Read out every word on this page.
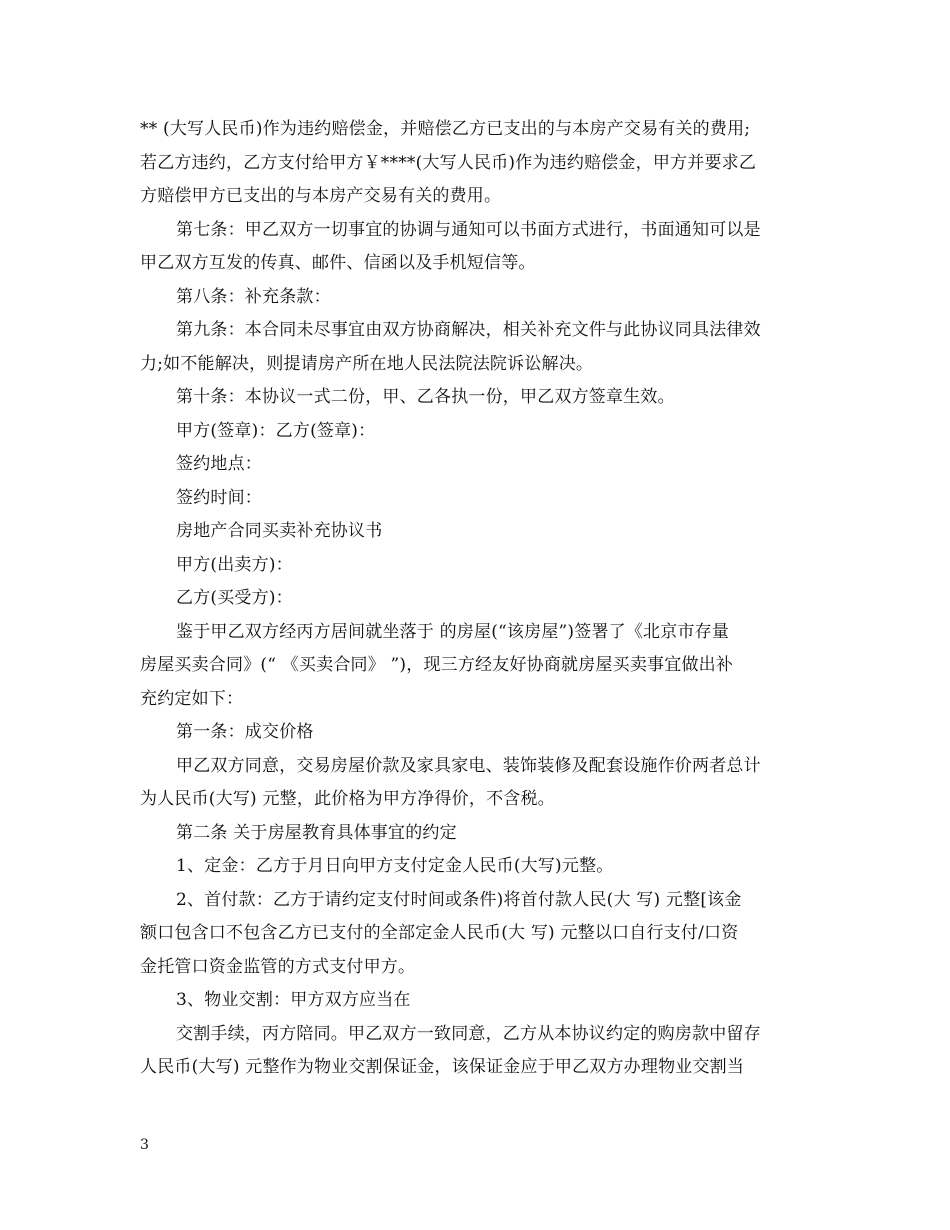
** (大写人民币)作为违约赔偿金，并赔偿乙方已支出的与本房产交易有关的费用;
若乙方违约，乙方支付给甲方￥****(大写人民币)作为违约赔偿金，甲方并要求乙
方赔偿甲方已支出的与本房产交易有关的费用。
第七条：甲乙双方一切事宜的协调与通知可以书面方式进行，书面通知可以是
甲乙双方互发的传真、邮件、信函以及手机短信等。
第八条：补充条款：
第九条：本合同未尽事宜由双方协商解决，相关补充文件与此协议同具法律效
力;如不能解决，则提请房产所在地人民法院法院诉讼解决。
第十条：本协议一式二份，甲、乙各执一份，甲乙双方签章生效。
甲方(签章)：乙方(签章)：
签约地点：
签约时间：
房地产合同买卖补充协议书
甲方(出卖方)：
乙方(买受方)：
鉴于甲乙双方经丙方居间就坐落于 的房屋(“该房屋”)签署了《北京市存量
房屋买卖合同》(“ 《买卖合同》 ”)，现三方经友好协商就房屋买卖事宜做出补
充约定如下：
第一条：成交价格
甲乙双方同意，交易房屋价款及家具家电、装饰装修及配套设施作价两者总计
为人民币(大写) 元整，此价格为甲方净得价，不含税。
第二条 关于房屋教育具体事宜的约定
1、定金：乙方于月日向甲方支付定金人民币(大写)元整。
2、首付款：乙方于请约定支付时间或条件)将首付款人民(大 写) 元整[该金
额口包含口不包含乙方已支付的全部定金人民币(大 写) 元整以口自行支付/口资
金托管口资金监管的方式支付甲方。
3、物业交割：甲方双方应当在
交割手续，丙方陪同。甲乙双方一致同意，乙方从本协议约定的购房款中留存
人民币(大写) 元整作为物业交割保证金，该保证金应于甲乙双方办理物业交割当
3
